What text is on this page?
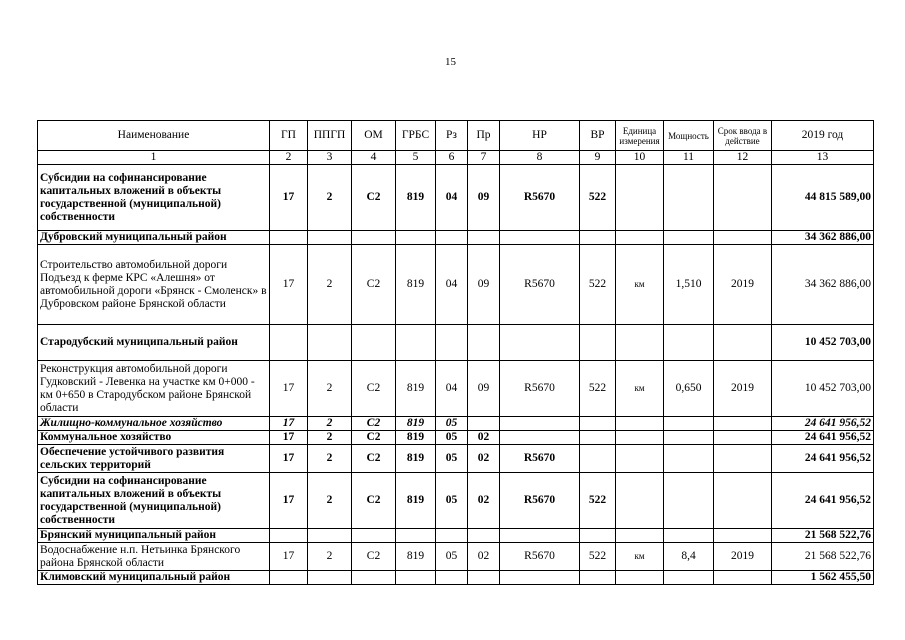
15
Наименование	ГП	ППГП	ОМ	ГРБС	Рз	Пр	НР	ВР	Единица измерения	Мощность	Срок ввода в действие	2019 год
1	2	3	4	5	6	7	8	9	10	11	12	13
Субсидии на софинансирование капитальных вложений в объекты государственной (муниципальной) собственности	17	2	С2	819	04	09	R5670	522				44 815 589,00
Дубровский муниципальный район												34 362 886,00
Строительство автомобильной дороги Подъезд к ферме КРС «Алешня» от автомобильной дороги «Брянск - Смоленск» в Дубровском районе Брянской области	17	2	С2	819	04	09	R5670	522	км	1,510	2019	34 362 886,00
Стародубский муниципальный район												10 452 703,00
Реконструкция автомобильной дороги Гудковский - Левенка на участке км 0+000 - км 0+650 в Стародубском районе Брянской области	17	2	С2	819	04	09	R5670	522	км	0,650	2019	10 452 703,00
Жилищно-коммунальное хозяйство	17	2	С2	819	05							24 641 956,52
Коммунальное хозяйство	17	2	С2	819	05	02						24 641 956,52
Обеспечение устойчивого развития сельских территорий	17	2	С2	819	05	02	R5670					24 641 956,52
Субсидии на софинансирование капитальных вложений в объекты государственной (муниципальной) собственности	17	2	С2	819	05	02	R5670	522				24 641 956,52
Брянский муниципальный район												21 568 522,76
Водоснабжение н.п. Нетьинка Брянского района Брянской области	17	2	С2	819	05	02	R5670	522	км	8,4	2019	21 568 522,76
Климовский муниципальный район												1 562 455,50
